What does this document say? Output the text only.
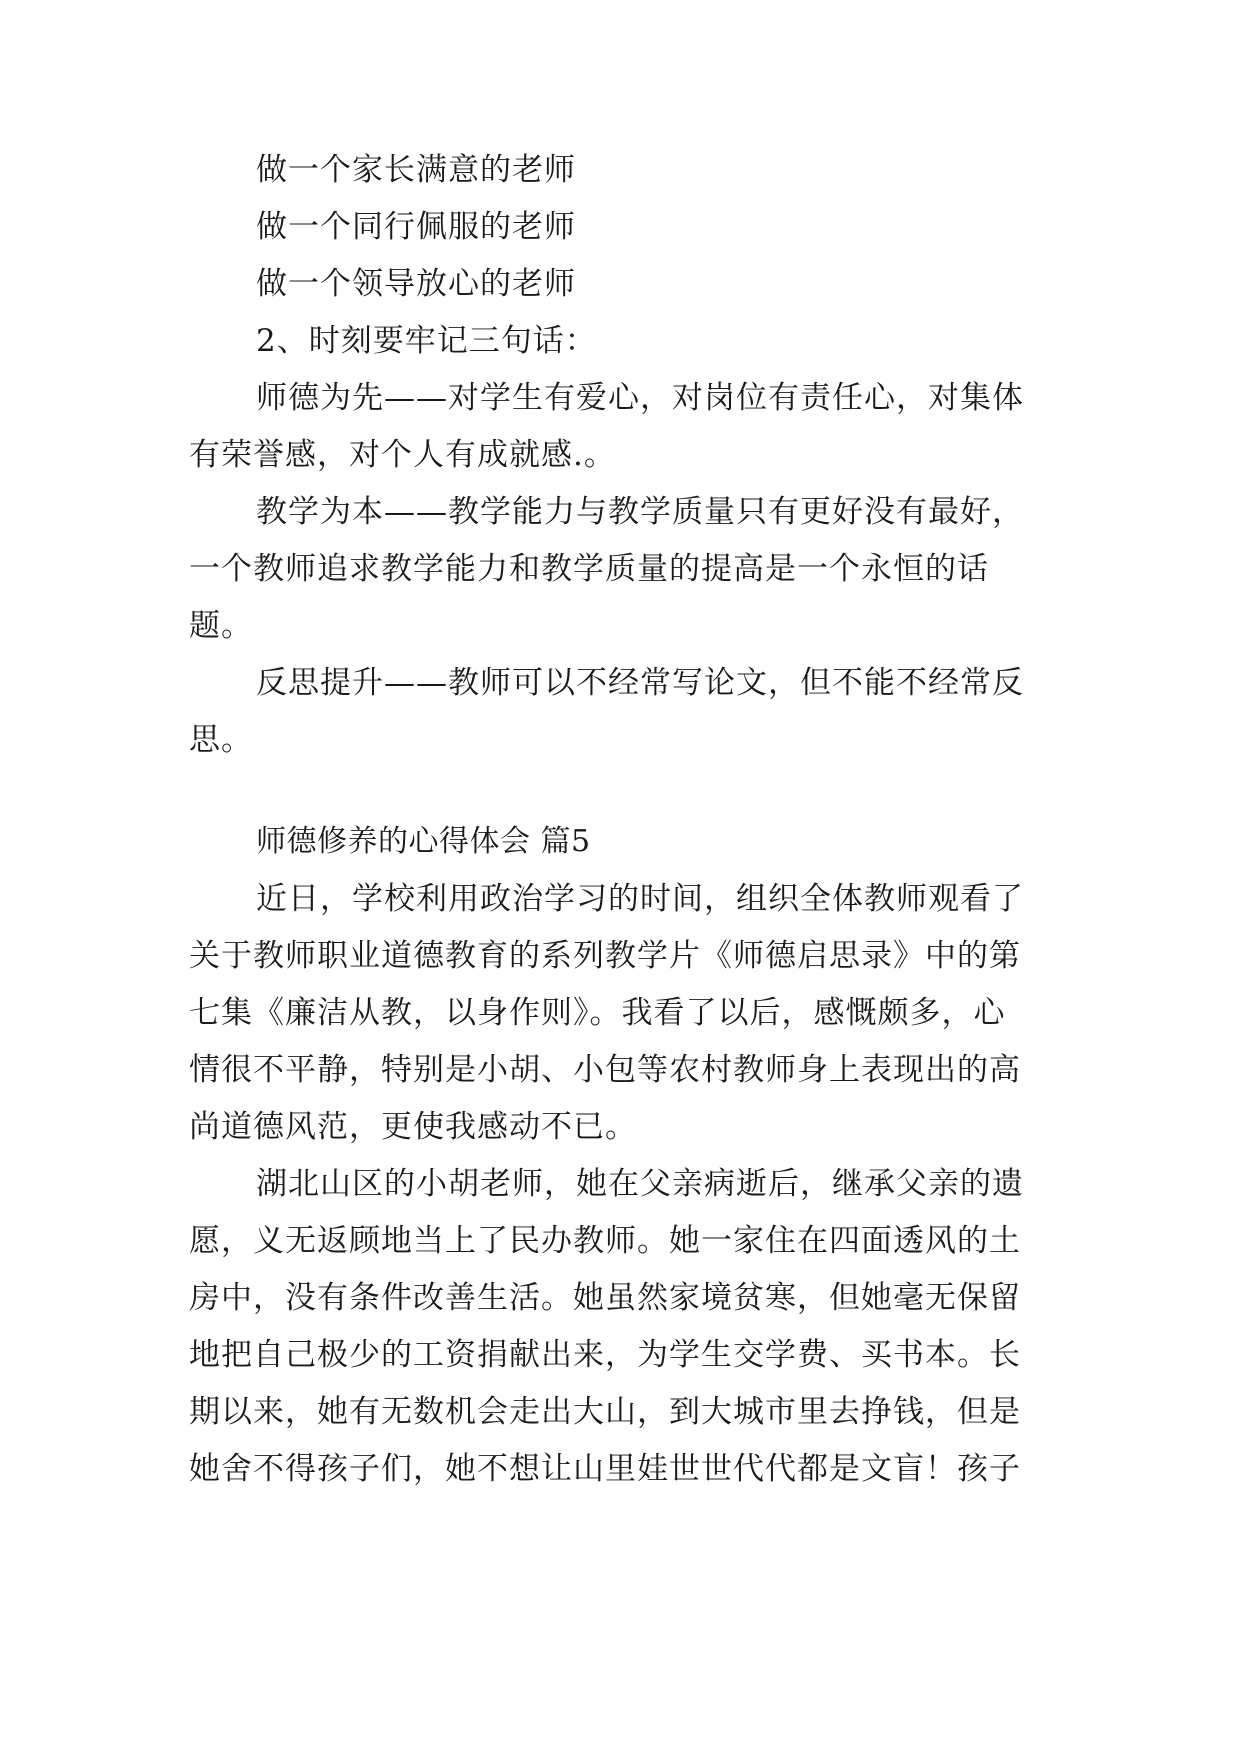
做一个家长满意的老师
做一个同行佩服的老师
做一个领导放心的老师
2、时刻要牢记三句话：
师德为先——对学生有爱心，对岗位有责任心，对集体
有荣誉感，对个人有成就感.。
教学为本——教学能力与教学质量只有更好没有最好，
一个教师追求教学能力和教学质量的提高是一个永恒的话
题。
反思提升——教师可以不经常写论文，但不能不经常反
思。
师德修养的心得体会 篇5
近日，学校利用政治学习的时间，组织全体教师观看了
关于教师职业道德教育的系列教学片《师德启思录》中的第
七集《廉洁从教，以身作则》。我看了以后，感慨颇多，心
情很不平静，特别是小胡、小包等农村教师身上表现出的高
尚道德风范，更使我感动不已。
湖北山区的小胡老师，她在父亲病逝后，继承父亲的遗
愿，义无返顾地当上了民办教师。她一家住在四面透风的土
房中，没有条件改善生活。她虽然家境贫寒，但她毫无保留
地把自己极少的工资捐献出来，为学生交学费、买书本。长
期以来，她有无数机会走出大山，到大城市里去挣钱，但是
她舍不得孩子们，她不想让山里娃世世代代都是文盲！孩子
